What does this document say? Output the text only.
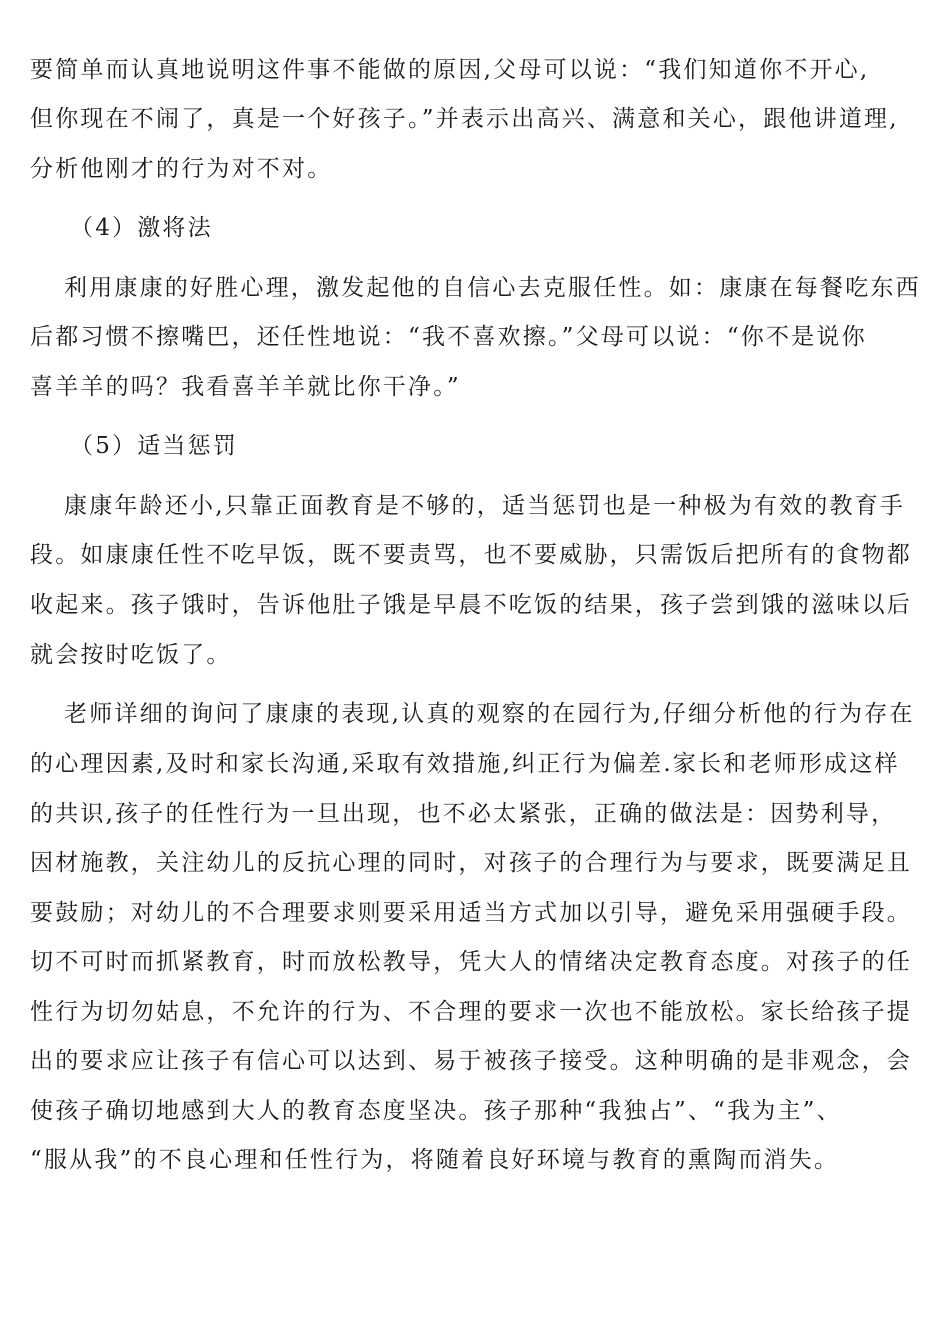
要简单而认真地说明这件事不能做的原因,父母可以说：“我们知道你不开心,
但你现在不闹了，真是一个好孩子。”并表示出高兴、满意和关心，跟他讲道理,
分析他刚才的行为对不对。
（4）激将法
利用康康的好胜心理，激发起他的自信心去克服任性。如：康康在每餐吃东西
后都习惯不擦嘴巴，还任性地说：“我不喜欢擦。”父母可以说：“你不是说你
喜羊羊的吗？我看喜羊羊就比你干净。”
（5）适当惩罚
康康年龄还小,只靠正面教育是不够的，适当惩罚也是一种极为有效的教育手
段。如康康任性不吃早饭，既不要责骂，也不要威胁，只需饭后把所有的食物都
收起来。孩子饿时，告诉他肚子饿是早晨不吃饭的结果，孩子尝到饿的滋味以后
就会按时吃饭了。
老师详细的询问了康康的表现,认真的观察的在园行为,仔细分析他的行为存在
的心理因素,及时和家长沟通,采取有效措施,纠正行为偏差.家长和老师形成这样
的共识,孩子的任性行为一旦出现，也不必太紧张，正确的做法是：因势利导，
因材施教，关注幼儿的反抗心理的同时，对孩子的合理行为与要求，既要满足且
要鼓励；对幼儿的不合理要求则要采用适当方式加以引导，避免采用强硬手段。
切不可时而抓紧教育，时而放松教导，凭大人的情绪决定教育态度。对孩子的任
性行为切勿姑息，不允许的行为、不合理的要求一次也不能放松。家长给孩子提
出的要求应让孩子有信心可以达到、易于被孩子接受。这种明确的是非观念，会
使孩子确切地感到大人的教育态度坚决。孩子那种“我独占”、“我为主”、
“服从我”的不良心理和任性行为，将随着良好环境与教育的熏陶而消失。
